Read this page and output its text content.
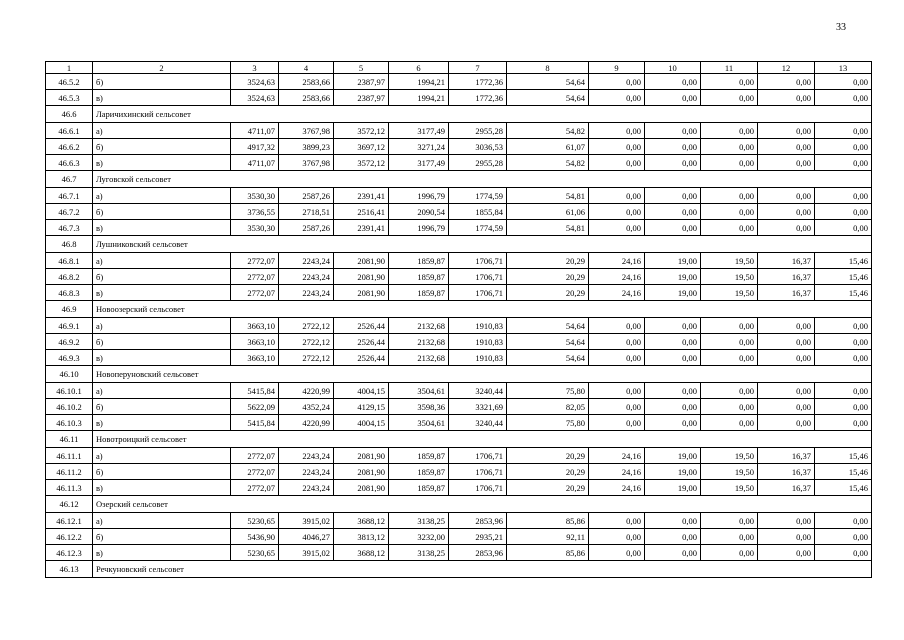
33
1	2	3	4	5	6	7	8	9	10	11	12	13
46.5.2	б)	3524,63	2583,66	2387,97	1994,21	1772,36	54,64	0,00	0,00	0,00	0,00	0,00
46.5.3	в)	3524,63	2583,66	2387,97	1994,21	1772,36	54,64	0,00	0,00	0,00	0,00	0,00
46.6	Ларичихинский сельсовет											
46.6.1	а)	4711,07	3767,98	3572,12	3177,49	2955,28	54,82	0,00	0,00	0,00	0,00	0,00
46.6.2	б)	4917,32	3899,23	3697,12	3271,24	3036,53	61,07	0,00	0,00	0,00	0,00	0,00
46.6.3	в)	4711,07	3767,98	3572,12	3177,49	2955,28	54,82	0,00	0,00	0,00	0,00	0,00
46.7	Луговской сельсовет											
46.7.1	а)	3530,30	2587,26	2391,41	1996,79	1774,59	54,81	0,00	0,00	0,00	0,00	0,00
46.7.2	б)	3736,55	2718,51	2516,41	2090,54	1855,84	61,06	0,00	0,00	0,00	0,00	0,00
46.7.3	в)	3530,30	2587,26	2391,41	1996,79	1774,59	54,81	0,00	0,00	0,00	0,00	0,00
46.8	Лушниковский сельсовет											
46.8.1	а)	2772,07	2243,24	2081,90	1859,87	1706,71	20,29	24,16	19,00	19,50	16,37	15,46
46.8.2	б)	2772,07	2243,24	2081,90	1859,87	1706,71	20,29	24,16	19,00	19,50	16,37	15,46
46.8.3	в)	2772,07	2243,24	2081,90	1859,87	1706,71	20,29	24,16	19,00	19,50	16,37	15,46
46.9	Новоозерский сельсовет											
46.9.1	а)	3663,10	2722,12	2526,44	2132,68	1910,83	54,64	0,00	0,00	0,00	0,00	0,00
46.9.2	б)	3663,10	2722,12	2526,44	2132,68	1910,83	54,64	0,00	0,00	0,00	0,00	0,00
46.9.3	в)	3663,10	2722,12	2526,44	2132,68	1910,83	54,64	0,00	0,00	0,00	0,00	0,00
46.10	Новоперуновский сельсовет											
46.10.1	а)	5415,84	4220,99	4004,15	3504,61	3240,44	75,80	0,00	0,00	0,00	0,00	0,00
46.10.2	б)	5622,09	4352,24	4129,15	3598,36	3321,69	82,05	0,00	0,00	0,00	0,00	0,00
46.10.3	в)	5415,84	4220,99	4004,15	3504,61	3240,44	75,80	0,00	0,00	0,00	0,00	0,00
46.11	Новотроицкий сельсовет											
46.11.1	а)	2772,07	2243,24	2081,90	1859,87	1706,71	20,29	24,16	19,00	19,50	16,37	15,46
46.11.2	б)	2772,07	2243,24	2081,90	1859,87	1706,71	20,29	24,16	19,00	19,50	16,37	15,46
46.11.3	в)	2772,07	2243,24	2081,90	1859,87	1706,71	20,29	24,16	19,00	19,50	16,37	15,46
46.12	Озерский сельсовет											
46.12.1	а)	5230,65	3915,02	3688,12	3138,25	2853,96	85,86	0,00	0,00	0,00	0,00	0,00
46.12.2	б)	5436,90	4046,27	3813,12	3232,00	2935,21	92,11	0,00	0,00	0,00	0,00	0,00
46.12.3	в)	5230,65	3915,02	3688,12	3138,25	2853,96	85,86	0,00	0,00	0,00	0,00	0,00
46.13	Речкуновский сельсовет											
